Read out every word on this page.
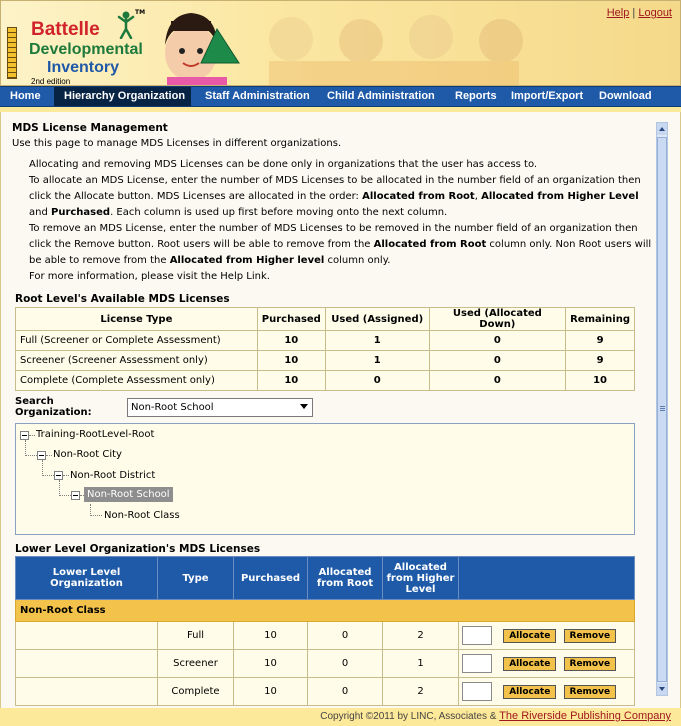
Battelle
Developmental
Inventory
2nd edition
TM	Help | Logout
Home	Hierarchy Organization	Staff Administration	Child Administration	Reports	Import/Export	Download
MDS License Management
Use this page to manage MDS Licenses in different organizations.
Allocating and removing MDS Licenses can be done only in organizations that the user has access to.
To allocate an MDS License, enter the number of MDS Licenses to be allocated in the number field of an organization then click the Allocate button. MDS Licenses are allocated in the order: Allocated from Root, Allocated from Higher Level and Purchased. Each column is used up first before moving onto the next column.
To remove an MDS License, enter the number of MDS Licenses to be removed in the number field of an organization then click the Remove button. Root users will be able to remove from the Allocated from Root column only. Non Root users will be able to remove from the Allocated from Higher level column only.
For more information, please visit the Help Link.
Root Level's Available MDS Licenses
License Type	Purchased	Used (Assigned)	Used (Allocated Down)	Remaining
Full (Screener or Complete Assessment)	10	1	0	9
Screener (Screener Assessment only)	10	1	0	9
Complete (Complete Assessment only)	10	0	0	10
Search Organization:	Non-Root School
Training-RootLevel-Root
Non-Root City
Non-Root District
Non-Root School
Non-Root Class
Lower Level Organization's MDS Licenses
Lower Level Organization	Type	Purchased	Allocated from Root	Allocated from Higher Level	
Non-Root Class					
	Full	10	0	2	Allocate Remove
	Screener	10	0	1	Allocate Remove
	Complete	10	0	2	Allocate Remove
Copyright ©2011 by LINC, Associates & The Riverside Publishing Company
